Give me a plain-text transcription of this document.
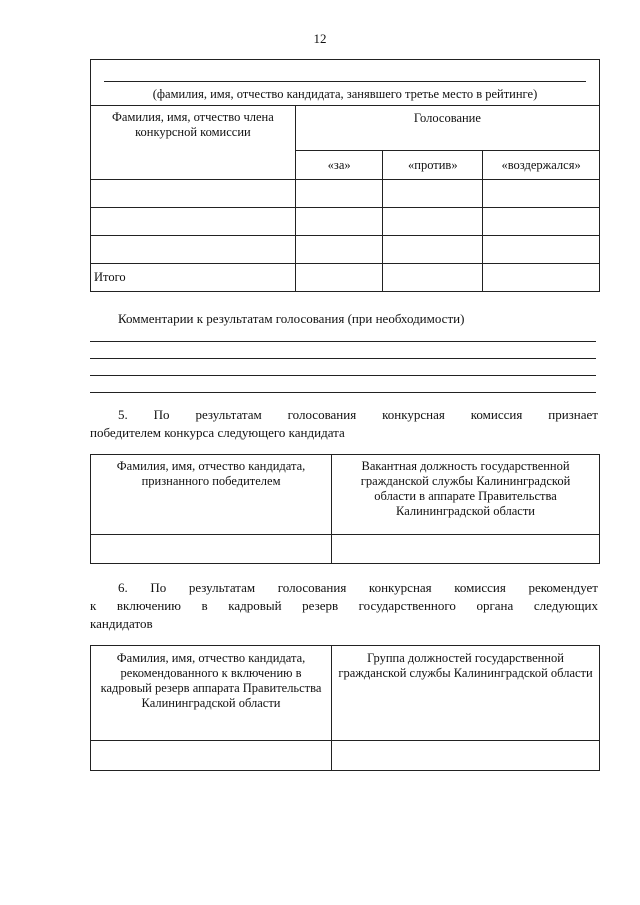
12
(фамилия, имя, отчество кандидата, занявшего третье место в рейтинге)			

Фамилия, имя, отчество члена конкурсной комиссии	Голосование		
	«за»	«против»	«воздержался»

Итого			
Комментарии к результатам голосования (при необходимости)
5.   По   результатам   голосования   конкурсная   комиссия   признает
победителем конкурса следующего кандидата
Фамилия, имя, отчество кандидата, признанного победителем	Вакантная должность государственной гражданской службы Калининградской области в аппарате Правительства Калининградской области

6.  По  результатам  голосования  конкурсная  комиссия  рекомендует
к  включению  в  кадровый  резерв  государственного  органа  следующих
кандидатов
Фамилия, имя, отчество кандидата, рекомендованного к включению в кадровый резерв аппарата Правительства Калининградской области	Группа должностей государственной гражданской службы Калининградской области
